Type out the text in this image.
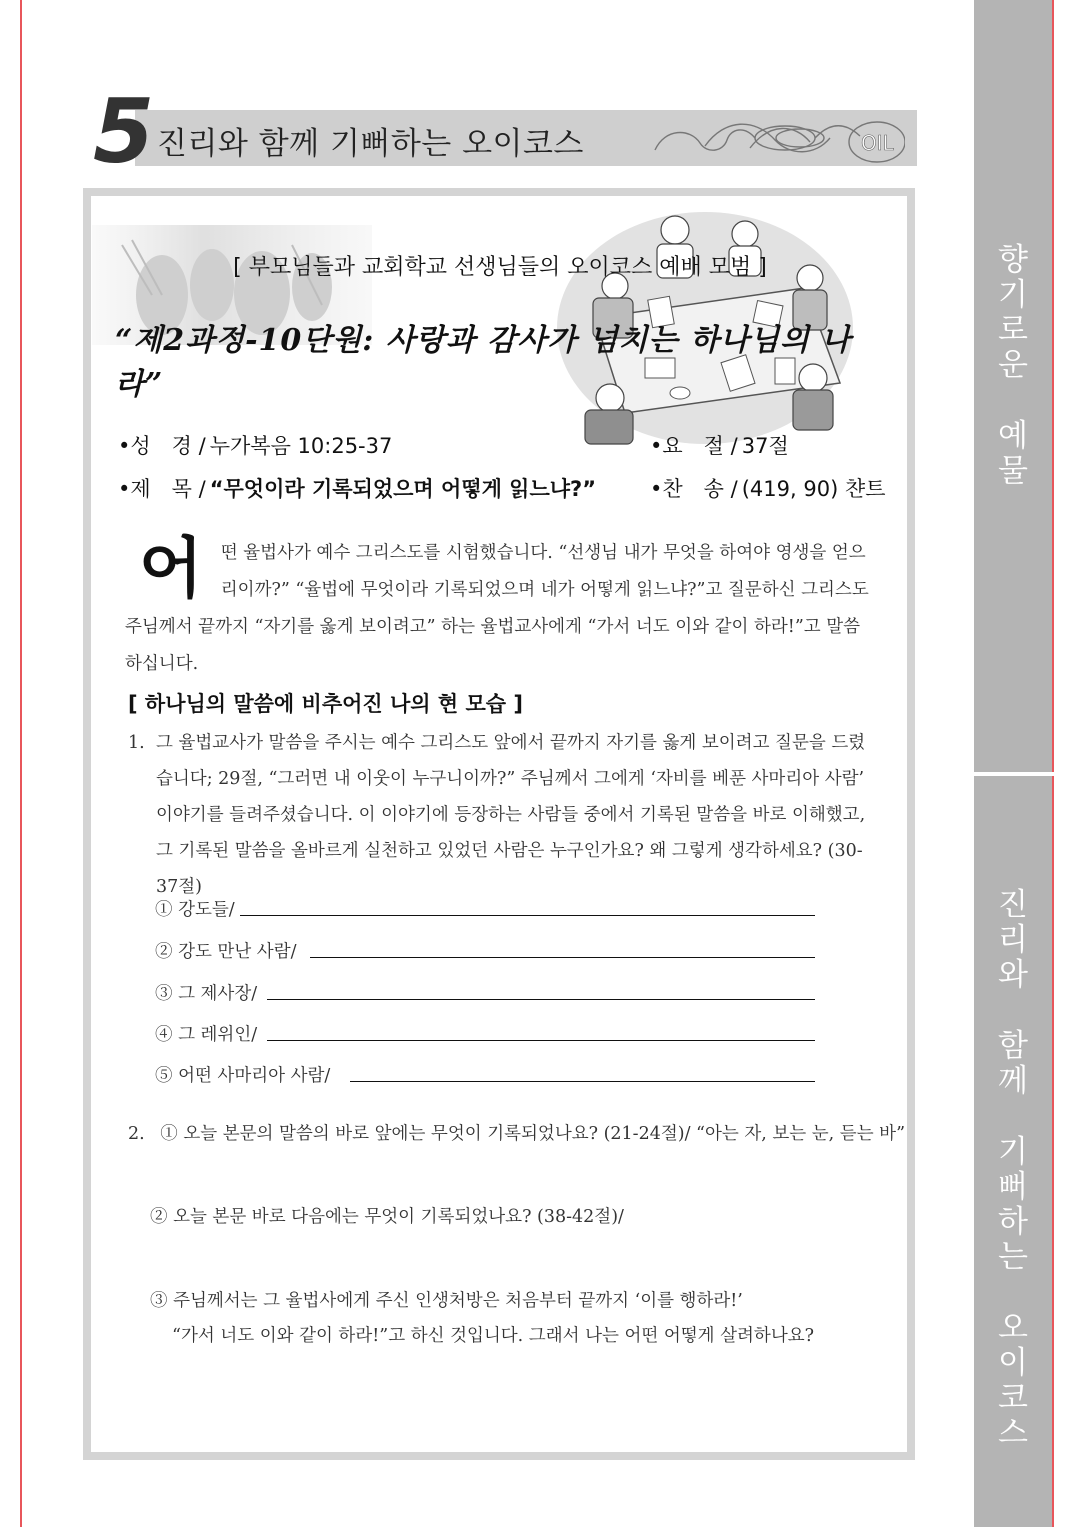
향
기
로
운
예
물
진
리
와
함
께
기
뻐
하
는
오
이
코
스
5 진리와 함께 기뻐하는 오이코스	OIL
[ 부모님들과 교회학교 선생님들의 오이코스 예배 모범 ]
“제2과정-10단원: 사랑과 감사가 넘치는 하나님의 나라”
•성　경 / 누가복음 10:25-37	•요　절 / 37절
•제　목 / “무엇이라 기록되었으며 어떻게 읽느냐?”	•찬　송 / (419, 90) 챤트
어 떤 율법사가 예수 그리스도를 시험했습니다. “선생님 내가 무엇을 하여야 영생을 얻으리이까?” “율법에 무엇이라 기록되었으며 네가 어떻게 읽느냐?”고 질문하신 그리스도 주님께서 끝까지 “자기를 옳게 보이려고” 하는 율법교사에게 “가서 너도 이와 같이 하라!”고 말씀하십니다.
[ 하나님의 말씀에 비추어진 나의 현 모습 ]
1. 그 율법교사가 말씀을 주시는 예수 그리스도 앞에서 끝까지 자기를 옳게 보이려고 질문을 드렸습니다; 29절, “그러면 내 이웃이 누구니이까?” 주님께서 그에게 ‘자비를 베푼 사마리아 사람’ 이야기를 들려주셨습니다. 이 이야기에 등장하는 사람들 중에서 기록된 말씀을 바로 이해했고, 그 기록된 말씀을 올바르게 실천하고 있었던 사람은 누구인가요? 왜 그렇게 생각하세요? (30-37절)
① 강도들/
② 강도 만난 사람/
③ 그 제사장/
④ 그 레위인/
⑤ 어떤 사마리아 사람/
2. ① 오늘 본문의 말씀의 바로 앞에는 무엇이 기록되었나요? (21-24절)/ “아는 자, 보는 눈, 듣는 바”
② 오늘 본문 바로 다음에는 무엇이 기록되었나요? (38-42절)/
③ 주님께서는 그 율법사에게 주신 인생처방은 처음부터 끝까지 ‘이를 행하라!’
“가서 너도 이와 같이 하라!”고 하신 것입니다. 그래서 나는 어떤 어떻게 살려하나요?
